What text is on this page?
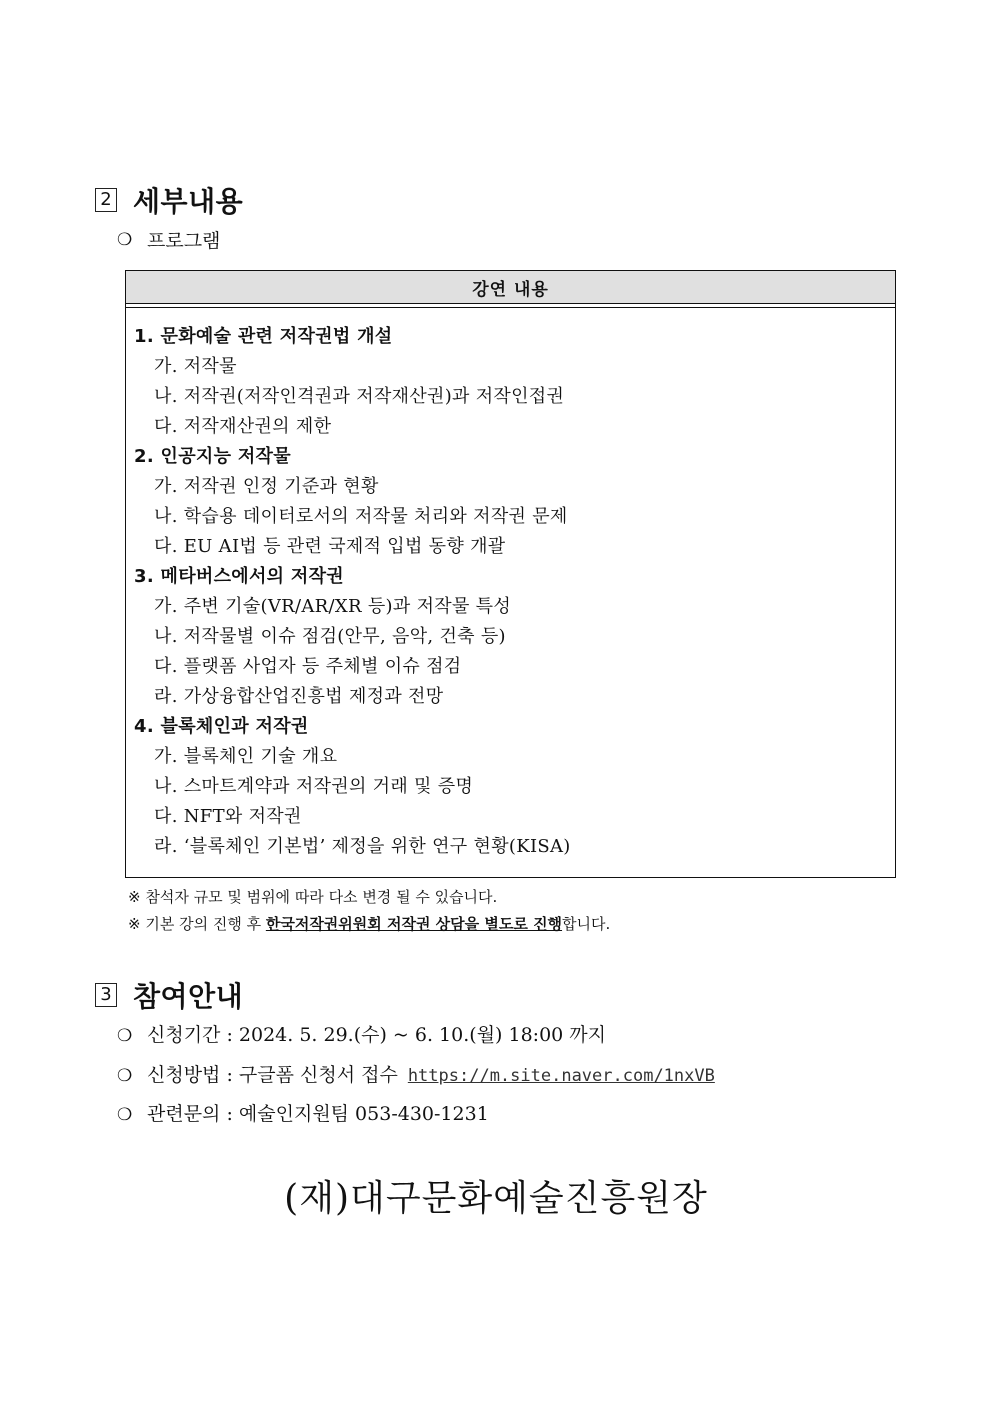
2 세부내용
❍ 프로그램
강연 내용
1. 문화예술 관련 저작권법 개설
가. 저작물
나. 저작권(저작인격권과 저작재산권)과 저작인접권
다. 저작재산권의 제한
2. 인공지능 저작물
가. 저작권 인정 기준과 현황
나. 학습용 데이터로서의 저작물 처리와 저작권 문제
다. EU AI법 등 관련 국제적 입법 동향 개괄
3. 메타버스에서의 저작권
가. 주변 기술(VR/AR/XR 등)과 저작물 특성
나. 저작물별 이슈 점검(안무, 음악, 건축 등)
다. 플랫폼 사업자 등 주체별 이슈 점검
라. 가상융합산업진흥법 제정과 전망
4. 블록체인과 저작권
가. 블록체인 기술 개요
나. 스마트계약과 저작권의 거래 및 증명
다. NFT와 저작권
라. ‘블록체인 기본법’ 제정을 위한 연구 현황(KISA)
※ 참석자 규모 및 범위에 따라 다소 변경 될 수 있습니다.
※ 기본 강의 진행 후 한국저작권위원회 저작권 상담을 별도로 진행합니다.
3 참여안내
❍ 신청기간 : 2024. 5. 29.(수) ~ 6. 10.(월) 18:00 까지
❍ 신청방법 : 구글폼 신청서 접수 https://m.site.naver.com/1nxVB
❍ 관련문의 : 예술인지원팀 053-430-1231
(재)대구문화예술진흥원장
